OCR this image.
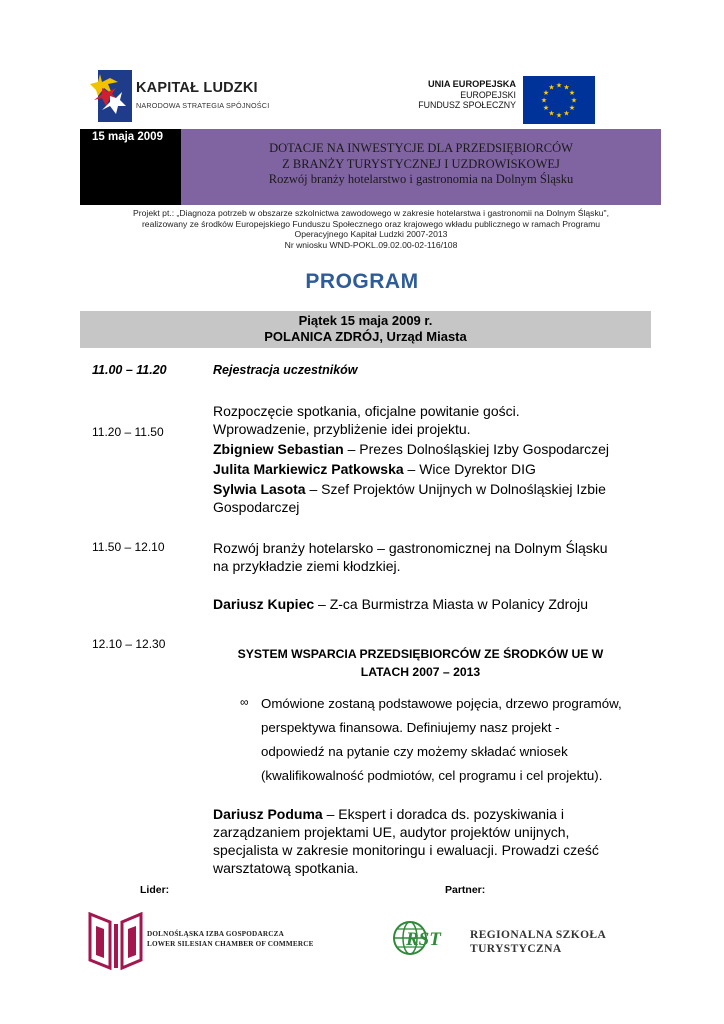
KAPITAŁ LUDZKI
NARODOWA STRATEGIA SPÓJNOŚCI
UNIA EUROPEJSKA
EUROPEJSKI
FUNDUSZ SPOŁECZNY
★ ★
★
★
★
★
★
★
★
★
★
★
15 maja 2009
DOTACJE NA INWESTYCJE DLA PRZEDSIĘBIORCÓW
Z BRANŻY TURYSTYCZNEJ I UZDROWISKOWEJ
Rozwój branży hotelarstwo i gastronomia na Dolnym Śląsku
Projekt pt.: „Diagnoza potrzeb w obszarze szkolnictwa zawodowego w zakresie hotelarstwa i gastronomii na Dolnym Śląsku",
realizowany ze środków Europejskiego Funduszu Społecznego oraz krajowego wkładu publicznego w ramach Programu
Operacyjnego Kapitał Ludzki 2007-2013
Nr wniosku WND-POKL.09.02.00-02-116/108
PROGRAM
Piątek 15 maja 2009 r.
POLANICA ZDRÓJ, Urząd Miasta
11.00 – 11.20	Rejestracja uczestników
11.20 – 11.50
Rozpoczęcie spotkania, oficjalne powitanie gości.
Wprowadzenie, przybliżenie idei projektu.
Zbigniew Sebastian – Prezes Dolnośląskiej Izby Gospodarczej
Julita Markiewicz Patkowska – Wice Dyrektor DIG
Sylwia Lasota – Szef Projektów Unijnych w Dolnośląskiej Izbie
Gospodarczej
11.50 – 12.10	Rozwój branży hotelarsko – gastronomicznej na Dolnym Śląsku
na przykładzie ziemi kłodzkiej.
Dariusz Kupiec – Z-ca Burmistrza Miasta w Polanicy Zdroju
12.10 – 12.30
SYSTEM WSPARCIA PRZEDSIĘBIORCÓW ZE ŚRODKÓW UE W
LATACH 2007 – 2013
∞ Omówione zostaną podstawowe pojęcia, drzewo programów,
perspektywa finansowa. Definiujemy nasz projekt -
odpowiedź na pytanie czy możemy składać wniosek
(kwalifikowalność podmiotów, cel programu i cel projektu).
Dariusz Poduma – Ekspert i doradca ds. pozyskiwania i
zarządzaniem projektami UE, audytor projektów unijnych,
specjalista w zakresie monitoringu i ewaluacji. Prowadzi cześć
warsztatową spotkania.
Lider:	Partner:
DOLNOŚLĄSKA IZBA GOSPODARCZA
LOWER SILESIAN CHAMBER OF COMMERCE	RST	REGIONALNA SZKOŁA
TURYSTYCZNA
